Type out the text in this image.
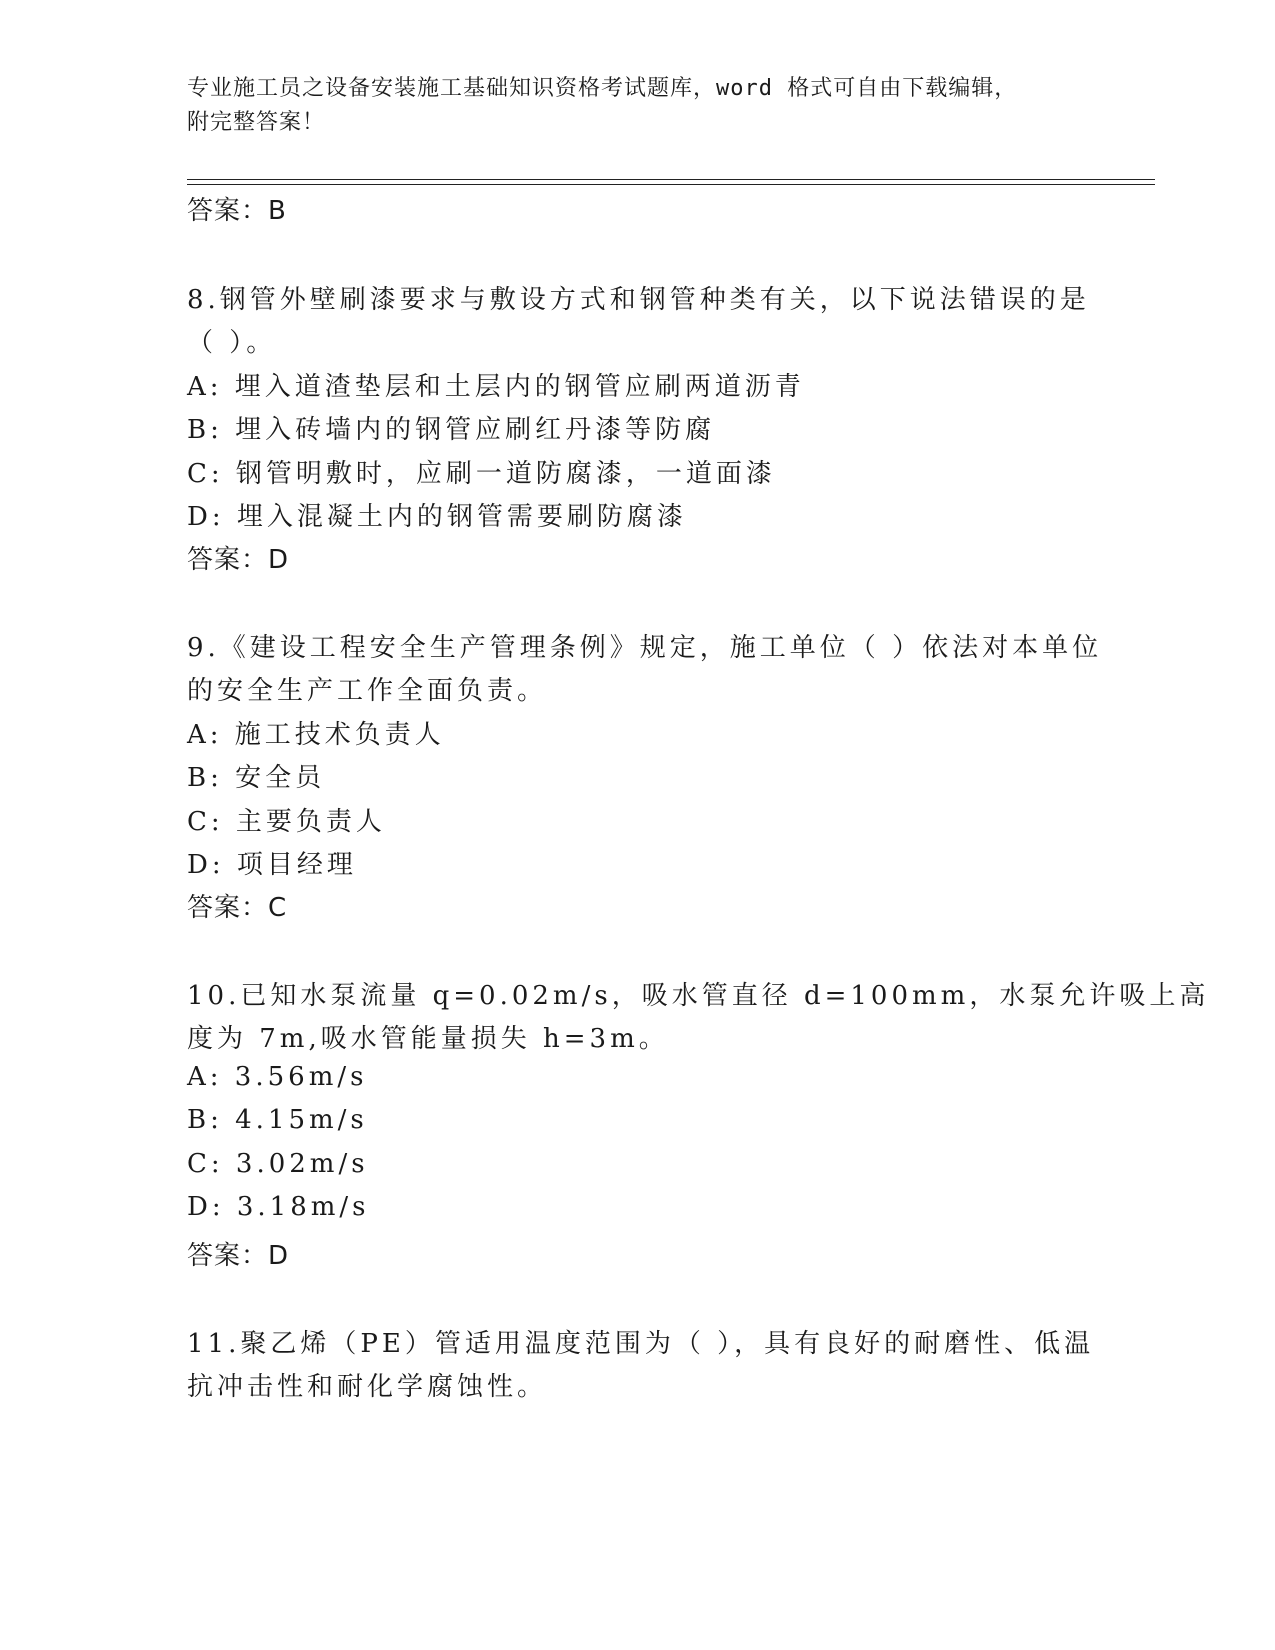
专业施工员之设备安装施工基础知识资格考试题库，word 格式可自由下载编辑，
附完整答案！
答案：B
8.钢管外壁刷漆要求与敷设方式和钢管种类有关，以下说法错误的是
（ ）。
A: 埋入道渣垫层和土层内的钢管应刷两道沥青
B: 埋入砖墙内的钢管应刷红丹漆等防腐
C: 钢管明敷时，应刷一道防腐漆，一道面漆
D: 埋入混凝土内的钢管需要刷防腐漆
答案：D
9.《建设工程安全生产管理条例》规定，施工单位（ ）依法对本单位
的安全生产工作全面负责。
A: 施工技术负责人
B: 安全员
C: 主要负责人
D: 项目经理
答案：C
10.已知水泵流量 q=0.02m/s，吸水管直径 d=100mm，水泵允许吸上高
度为 7m,吸水管能量损失 h=3m。
A: 3.56m/s
B: 4.15m/s
C: 3.02m/s
D: 3.18m/s
答案：D
11.聚乙烯（PE）管适用温度范围为（ ），具有良好的耐磨性、低温
抗冲击性和耐化学腐蚀性。
